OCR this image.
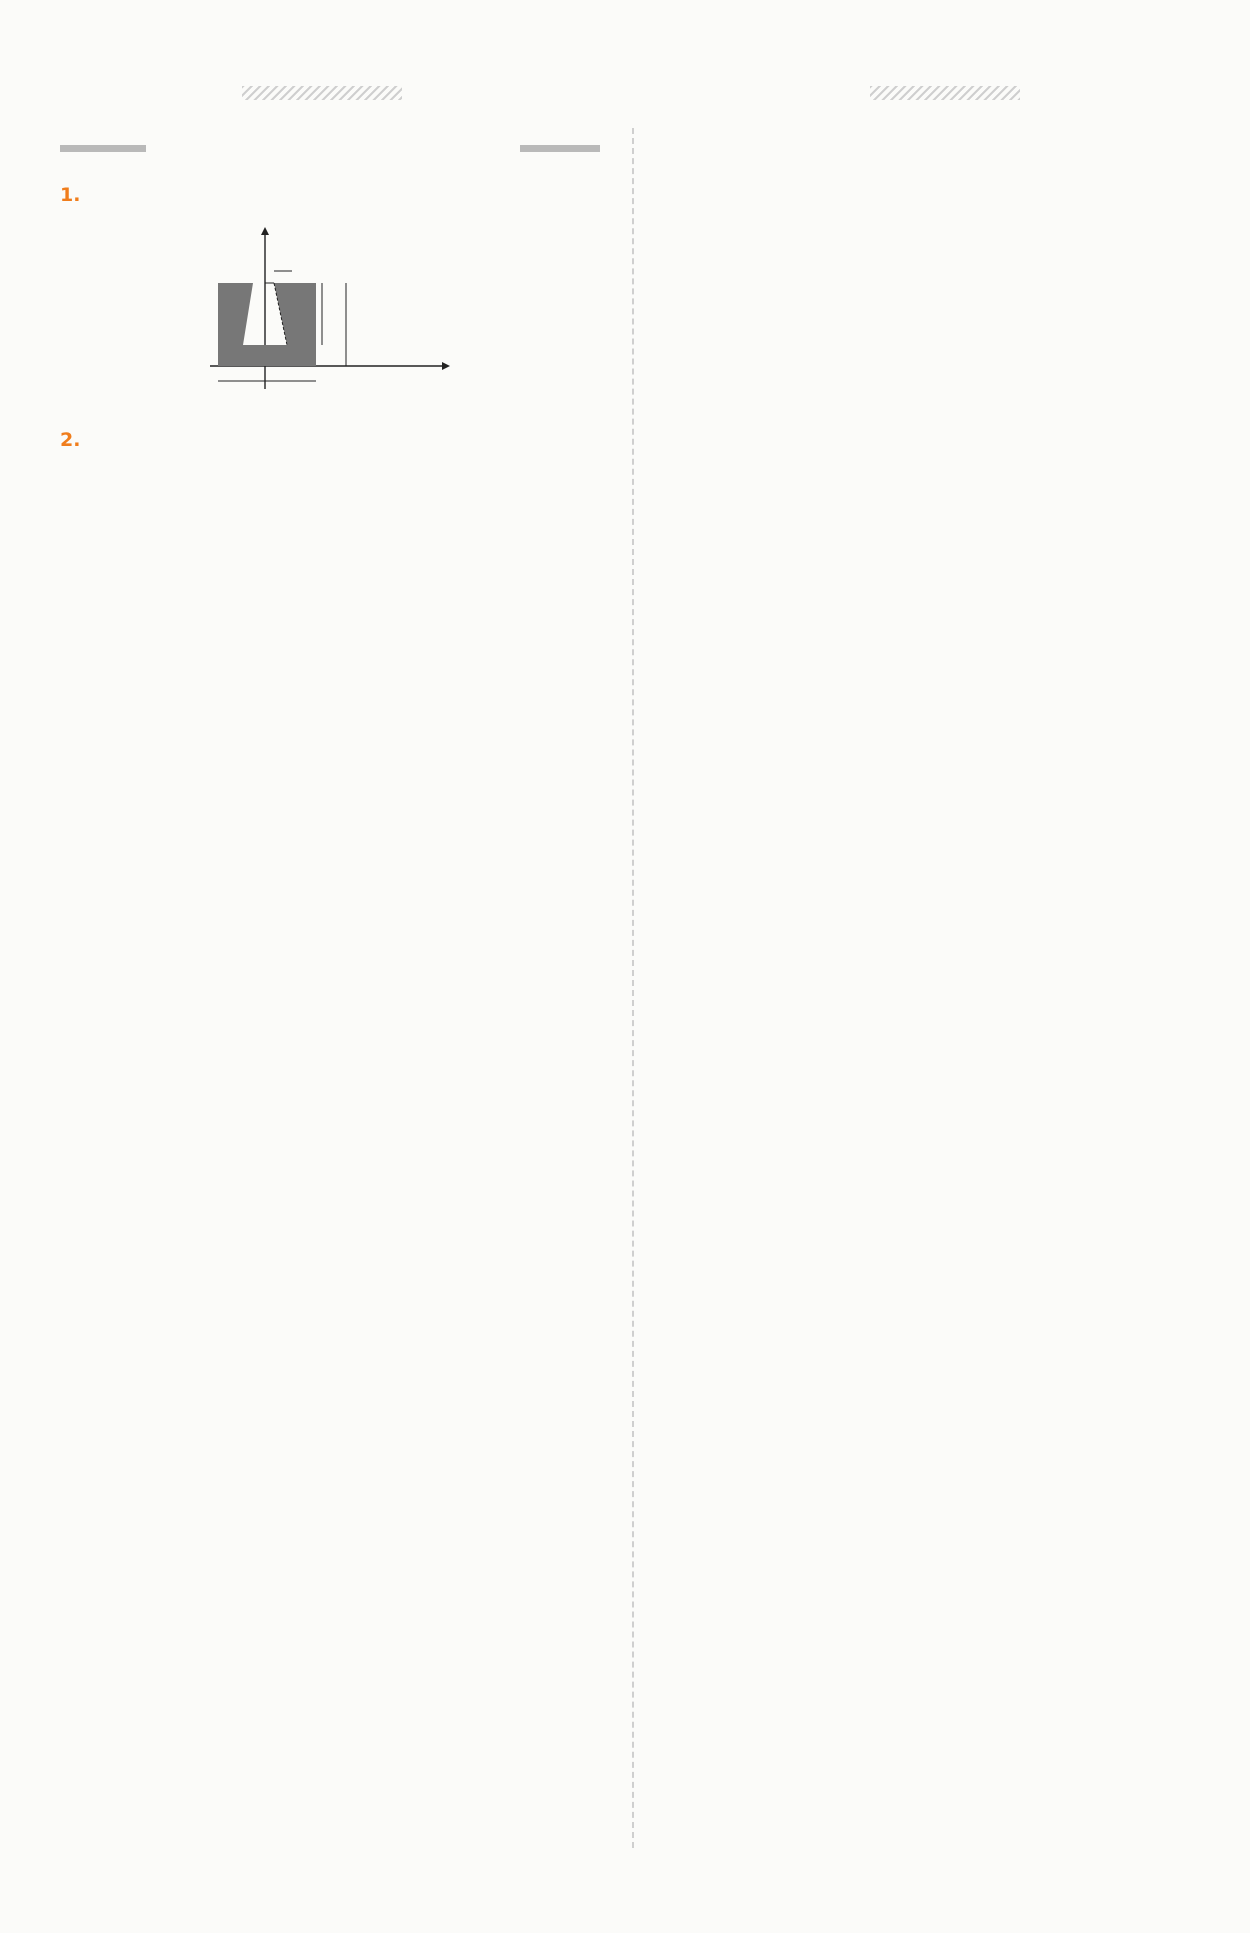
1.

2.
